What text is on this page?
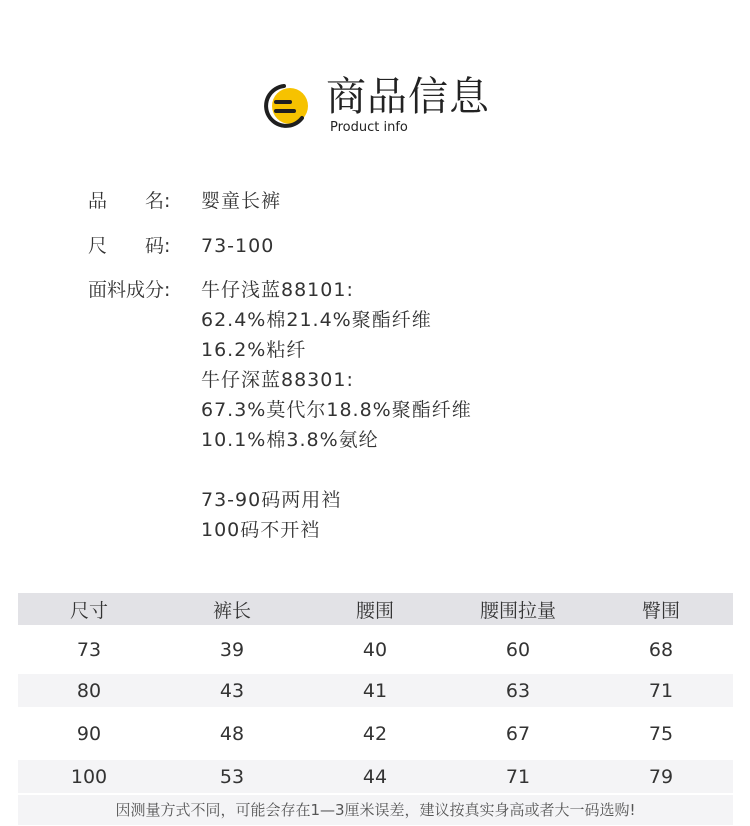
商品信息
Product info
品　　名:	婴童长裤
尺　　码:	73-100
面料成分:	牛仔浅蓝88101:
62.4%棉21.4%聚酯纤维
16.2%粘纤
牛仔深蓝88301:
67.3%莫代尔18.8%聚酯纤维
10.1%棉3.8%氨纶
73-90码两用裆
100码不开裆
尺寸	裤长	腰围	腰围拉量	臀围
73	39	40	60	68
80	43	41	63	71
90	48	42	67	75
100	53	44	71	79
因测量方式不同，可能会存在1—3厘米误差，建议按真实身高或者大一码选购!
